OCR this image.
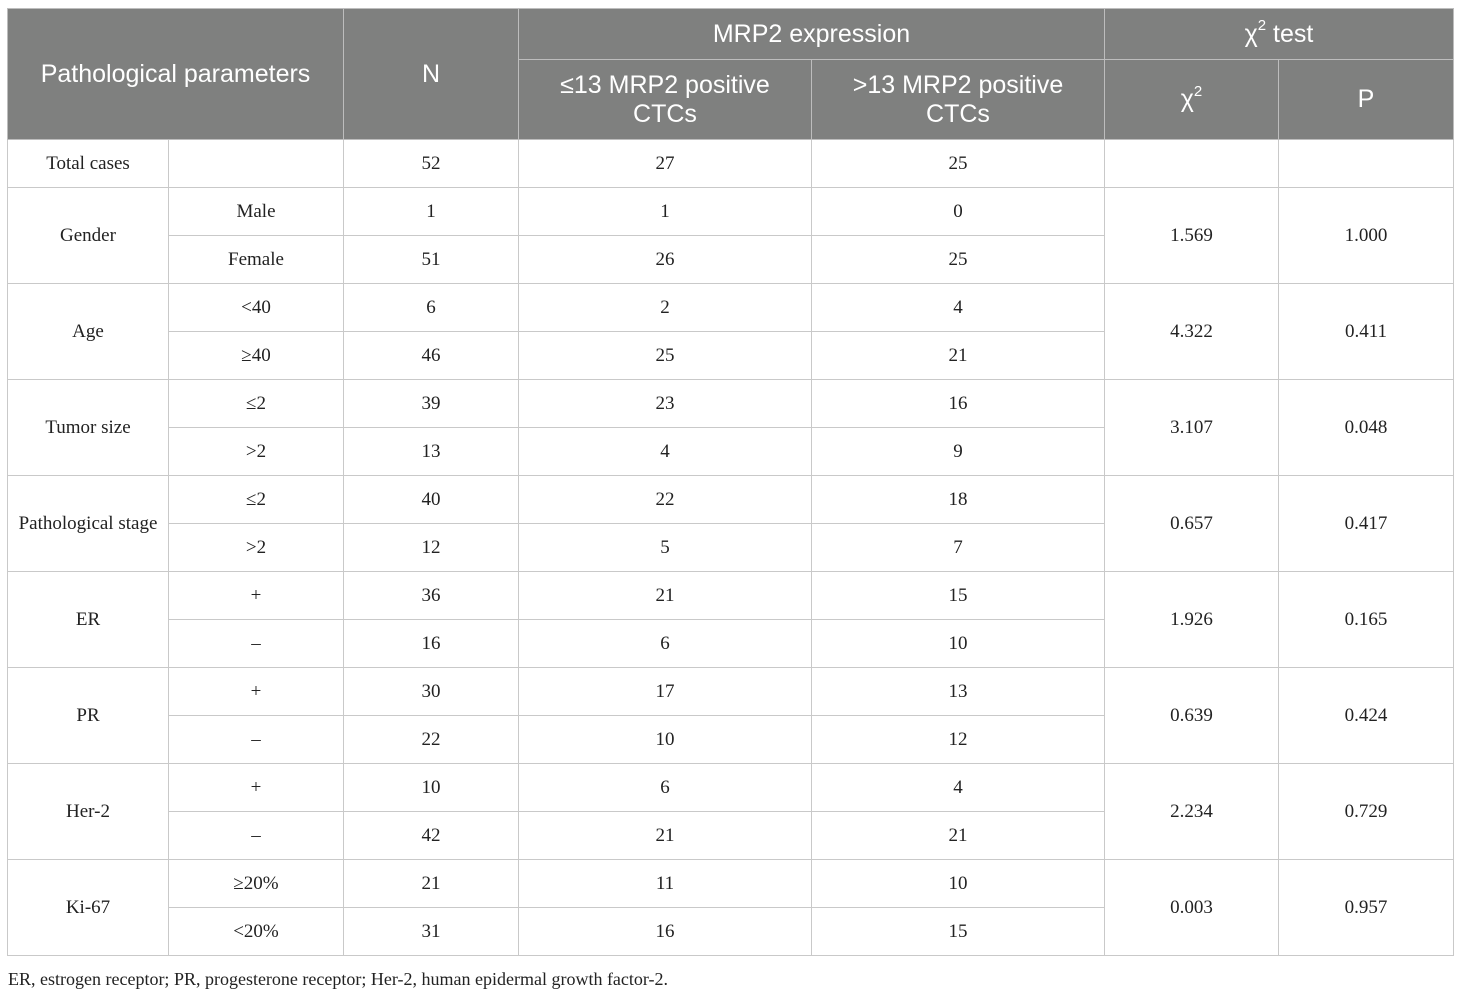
Pathological parameters		N	MRP2 expression		$\chi^2$ test	
			≤13 MRP2 positive CTCs	>13 MRP2 positive CTCs	$\chi^2$	P
Total cases		52	27	25		
Gender	Male	1	1	0	1.569	1.000
	Female	51	26	25		
Age	<40	6	2	4	4.322	0.411
	≥40	46	25	21		
Tumor size	≤2	39	23	16	3.107	0.048
	>2	13	4	9		
Pathological stage	≤2	40	22	18	0.657	0.417
	>2	12	5	7		
ER	+	36	21	15	1.926	0.165
	–	16	6	10		
PR	+	30	17	13	0.639	0.424
	–	22	10	12		
Her-2	+	10	6	4	2.234	0.729
	–	42	21	21		
Ki-67	≥20%	21	11	10	0.003	0.957
	<20%	31	16	15		

ER, estrogen receptor; PR, progesterone receptor; Her-2, human epidermal growth factor-2.
